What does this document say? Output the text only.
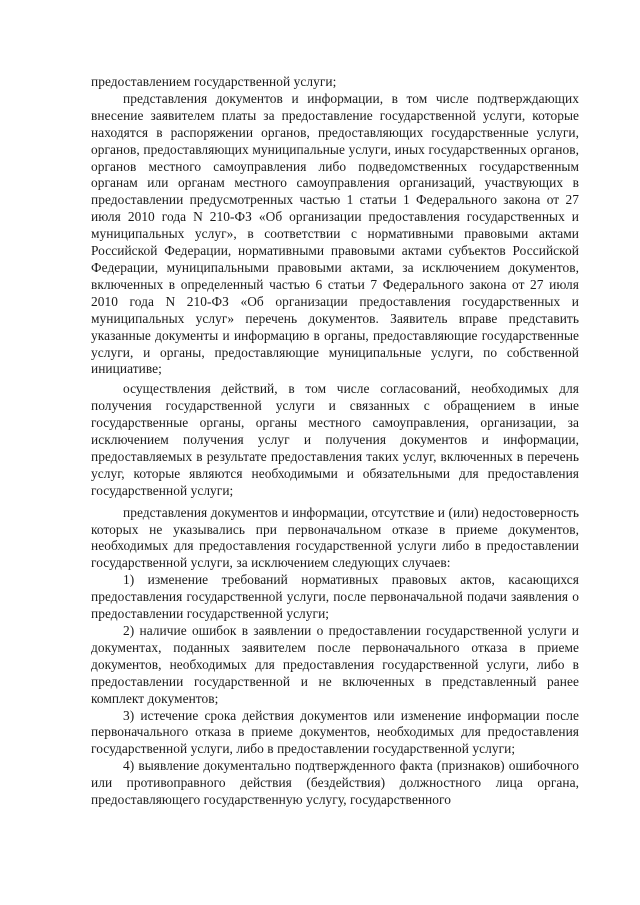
предоставлением государственной услуги;

представления документов и информации, в том числе подтверждающих внесение заявителем платы за предоставление государственной услуги, которые находятся в распоряжении органов, предоставляющих государственные услуги, органов, предоставляющих муниципальные услуги, иных государственных органов, органов местного самоуправления либо подведомственных государственным органам или органам местного самоуправления организаций, участвующих в предоставлении предусмотренных частью 1 статьи 1 Федерального закона от 27 июля 2010 года N 210-ФЗ «Об организации предоставления государственных и муниципальных услуг», в соответствии с нормативными правовыми актами Российской Федерации, нормативными правовыми актами субъектов Российской Федерации, муниципальными правовыми актами, за исключением документов, включенных в определенный частью 6 статьи 7 Федерального закона от 27 июля 2010 года N 210-ФЗ «Об организации предоставления государственных и муниципальных услуг» перечень документов. Заявитель вправе представить указанные документы и информацию в органы, предоставляющие государственные услуги, и органы, предоставляющие муниципальные услуги, по собственной инициативе;

осуществления действий, в том числе согласований, необходимых для получения государственной услуги и связанных с обращением в иные государственные органы, органы местного самоуправления, организации, за исключением получения услуг и получения документов и информации, предоставляемых в результате предоставления таких услуг, включенных в перечень услуг, которые являются необходимыми и обязательными для предоставления государственной услуги;

представления документов и информации, отсутствие и (или) недостоверность которых не указывались при первоначальном отказе в приеме документов, необходимых для предоставления государственной услуги либо в предоставлении государственной услуги, за исключением следующих случаев:

1) изменение требований нормативных правовых актов, касающихся предоставления государственной услуги, после первоначальной подачи заявления о предоставлении государственной услуги;

2) наличие ошибок в заявлении о предоставлении государственной услуги и документах, поданных заявителем после первоначального отказа в приеме документов, необходимых для предоставления государственной услуги, либо в предоставлении государственной и не включенных в представленный ранее комплект документов;

3) истечение срока действия документов или изменение информации после первоначального отказа в приеме документов, необходимых для предоставления государственной услуги, либо в предоставлении государственной услуги;

4) выявление документально подтвержденного факта (признаков) ошибочного или противоправного действия (бездействия) должностного лица органа, предоставляющего государственную услугу, государственного
